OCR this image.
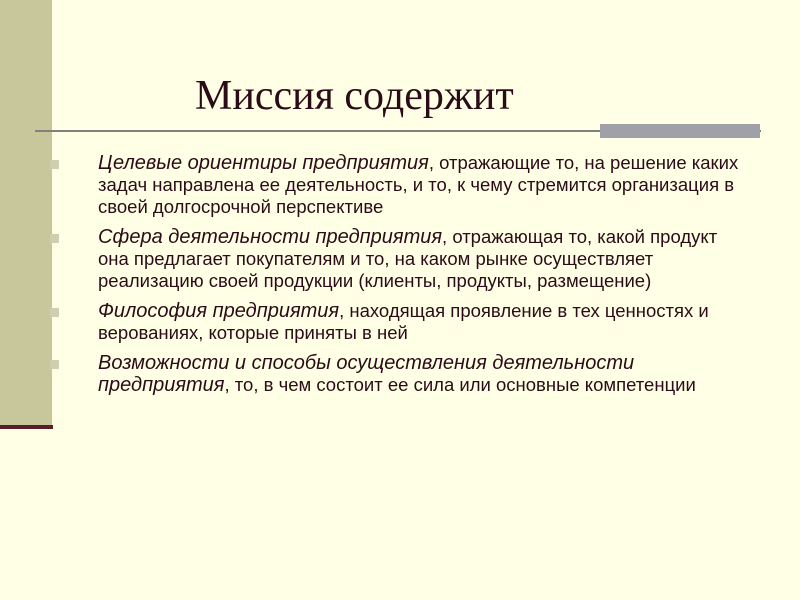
Миссия содержит
Целевые ориентиры предприятия, отражающие то, на решение каких задач направлена ее деятельность, и то, к чему стремится организация в своей долгосрочной перспективе
Сфера деятельности предприятия, отражающая то, какой продукт она предлагает покупателям и то, на каком рынке осуществляет реализацию своей продукции (клиенты, продукты, размещение)
Философия предприятия, находящая проявление в тех ценностях и верованиях, которые приняты в ней
Возможности и способы осуществления деятельности предприятия, то, в чем состоит ее сила или основные компетенции
